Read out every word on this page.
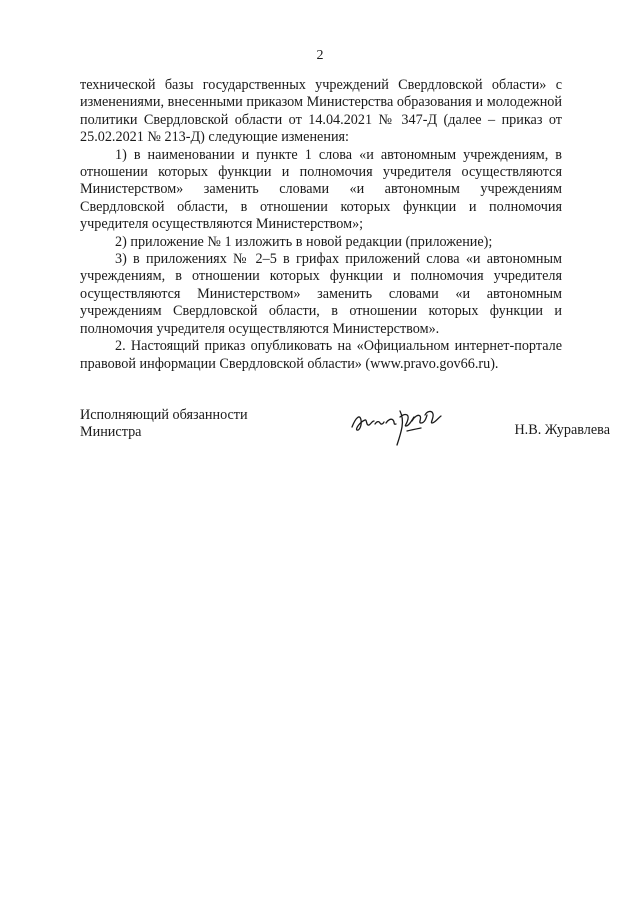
2

технической базы государственных учреждений Свердловской области» с изменениями, внесенными приказом Министерства образования и молодежной политики Свердловской области от 14.04.2021 № 347-Д (далее – приказ от 25.02.2021 № 213-Д) следующие изменения:

1) в наименовании и пункте 1 слова «и автономным учреждениям, в отношении которых функции и полномочия учредителя осуществляются Министерством» заменить словами «и автономным учреждениям Свердловской области, в отношении которых функции и полномочия учредителя осуществляются Министерством»;

2) приложение № 1 изложить в новой редакции (приложение);

3) в приложениях № 2–5 в грифах приложений слова «и автономным учреждениям, в отношении которых функции и полномочия учредителя осуществляются Министерством» заменить словами «и автономным учреждениям Свердловской области, в отношении которых функции и полномочия учредителя осуществляются Министерством».

2. Настоящий приказ опубликовать на «Официальном интернет-портале правовой информации Свердловской области» (www.pravo.gov66.ru).

Исполняющий обязанности
Министра	Н.В. Журавлева
